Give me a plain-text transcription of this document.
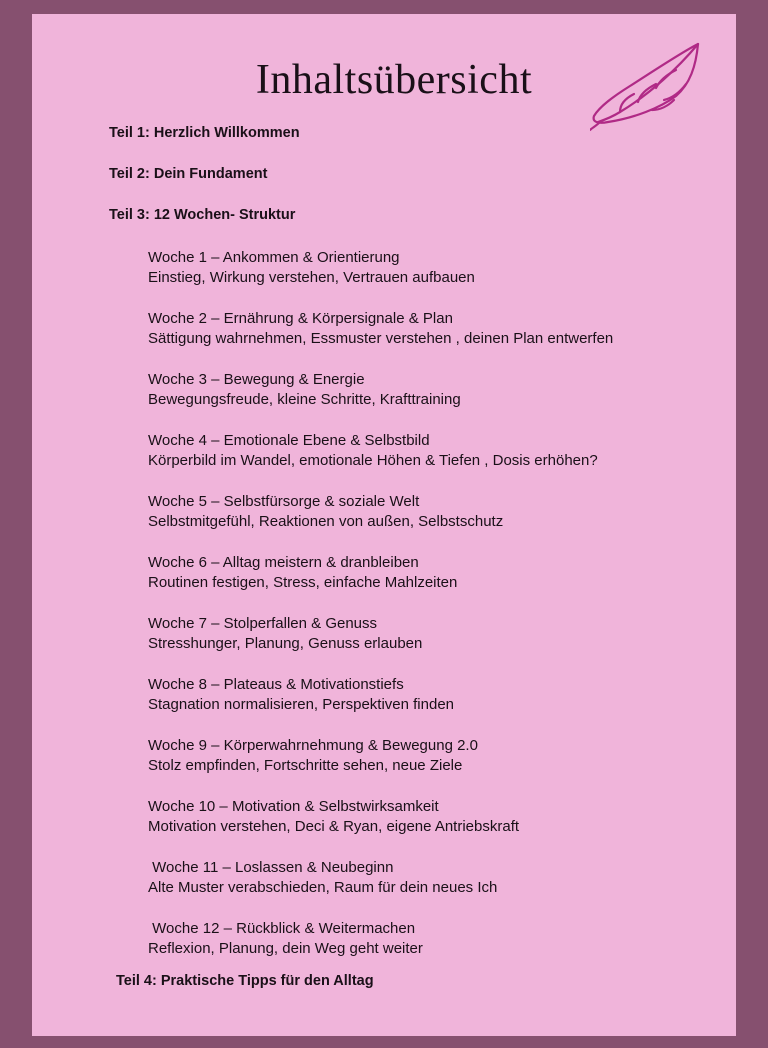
Inhaltsübersicht
Teil 1: Herzlich Willkommen
Teil 2: Dein Fundament
Teil 3: 12 Wochen- Struktur
Woche 1 – Ankommen & Orientierung
Einstieg, Wirkung verstehen, Vertrauen aufbauen
Woche 2 – Ernährung & Körpersignale & Plan
Sättigung wahrnehmen, Essmuster verstehen , deinen Plan entwerfen
Woche 3 – Bewegung & Energie
Bewegungsfreude, kleine Schritte, Krafttraining
Woche 4 – Emotionale Ebene & Selbstbild
Körperbild im Wandel, emotionale Höhen & Tiefen , Dosis erhöhen?
Woche 5 – Selbstfürsorge & soziale Welt
Selbstmitgefühl, Reaktionen von außen, Selbstschutz
Woche 6 – Alltag meistern & dranbleiben
Routinen festigen, Stress, einfache Mahlzeiten
Woche 7 – Stolperfallen & Genuss
Stresshunger, Planung, Genuss erlauben
Woche 8 – Plateaus & Motivationstiefs
Stagnation normalisieren, Perspektiven finden
Woche 9 – Körperwahrnehmung & Bewegung 2.0
Stolz empfinden, Fortschritte sehen, neue Ziele
Woche 10 – Motivation & Selbstwirksamkeit
Motivation verstehen, Deci & Ryan, eigene Antriebskraft
Woche 11 – Loslassen & Neubeginn
Alte Muster verabschieden, Raum für dein neues Ich
Woche 12 – Rückblick & Weitermachen
Reflexion, Planung, dein Weg geht weiter
Teil 4: Praktische Tipps für den Alltag
